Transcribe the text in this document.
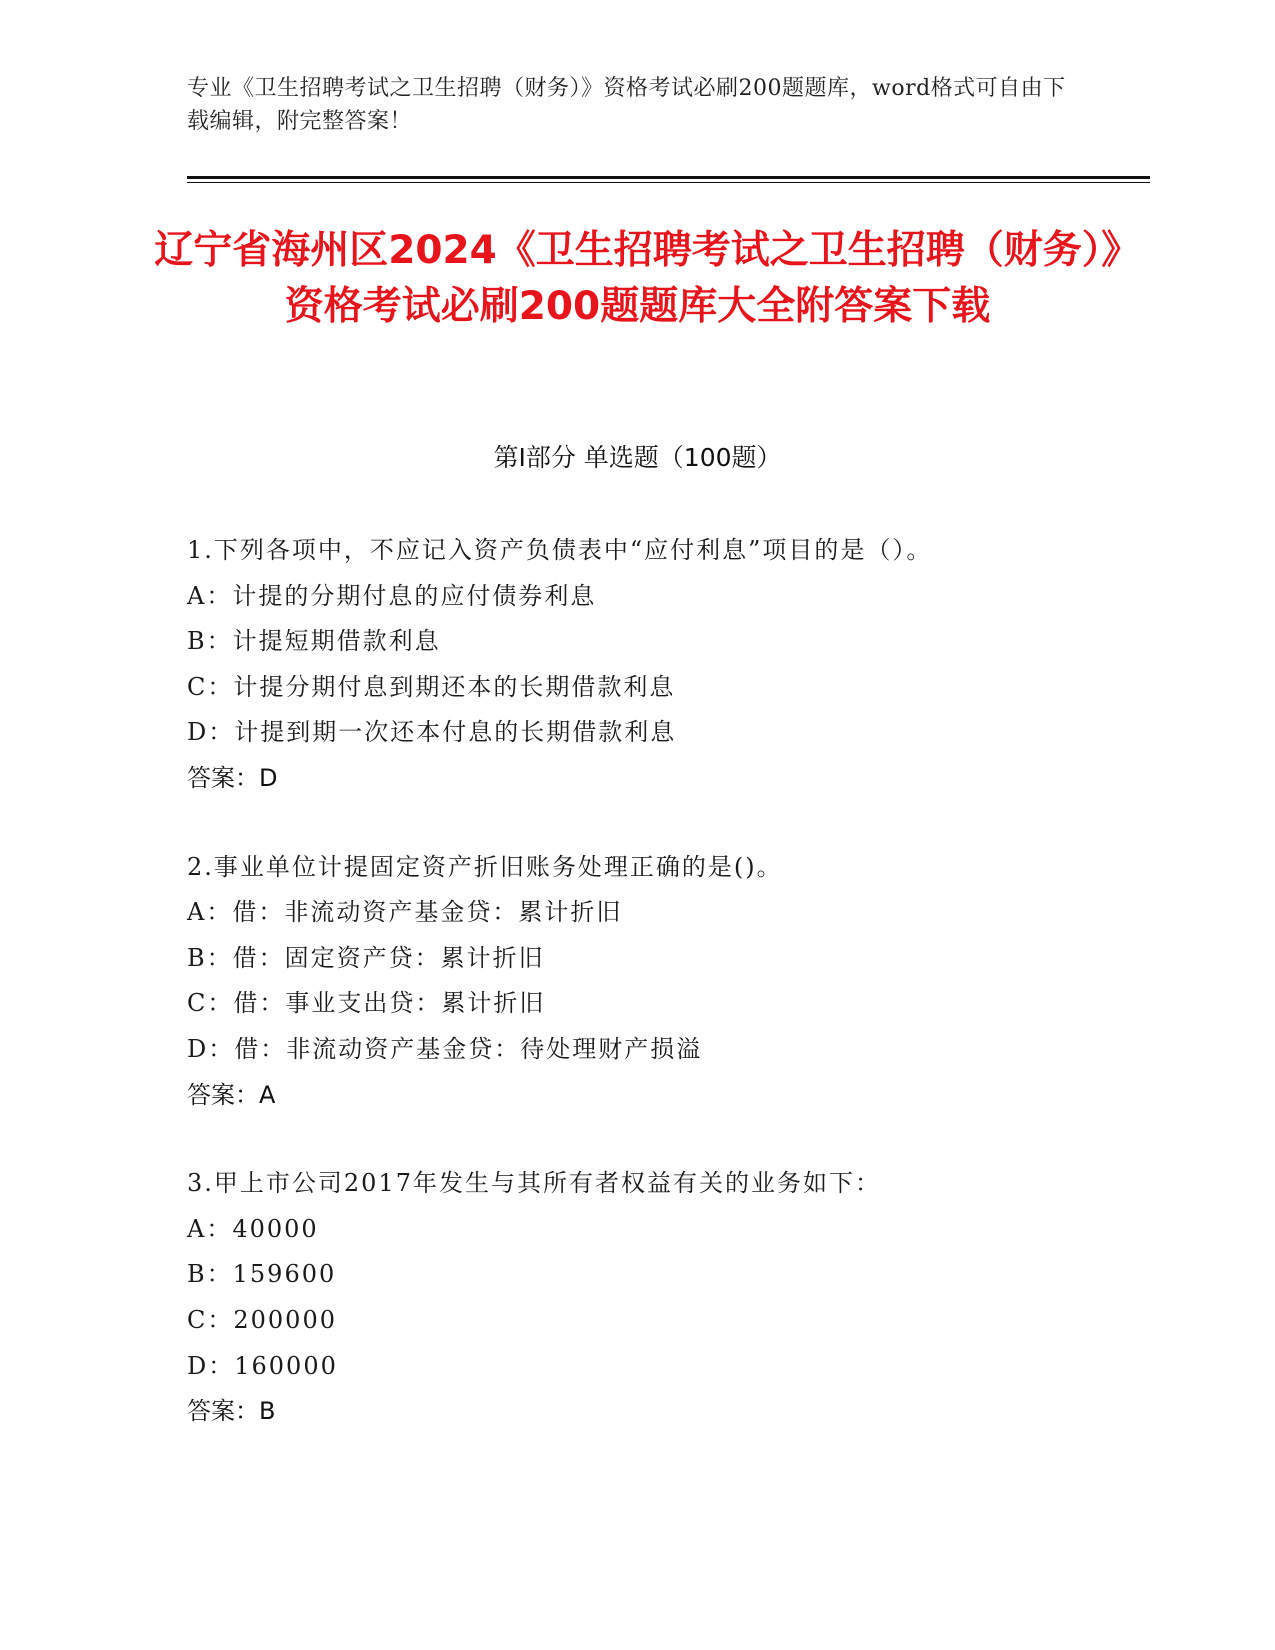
专业《卫生招聘考试之卫生招聘（财务）》资格考试必刷200题题库，word格式可自由下载编辑，附完整答案！
辽宁省海州区2024《卫生招聘考试之卫生招聘（财务）》资格考试必刷200题题库大全附答案下载
第Ⅰ部分 单选题（100题）
1.下列各项中，不应记入资产负债表中“应付利息”项目的是（）。
A：计提的分期付息的应付债券利息
B：计提短期借款利息
C：计提分期付息到期还本的长期借款利息
D：计提到期一次还本付息的长期借款利息
答案：D
2.事业单位计提固定资产折旧账务处理正确的是()。
A：借：非流动资产基金贷：累计折旧
B：借：固定资产贷：累计折旧
C：借：事业支出贷：累计折旧
D：借：非流动资产基金贷：待处理财产损溢
答案：A
3.甲上市公司2017年发生与其所有者权益有关的业务如下：
A：40000
B：159600
C：200000
D：160000
答案：B
